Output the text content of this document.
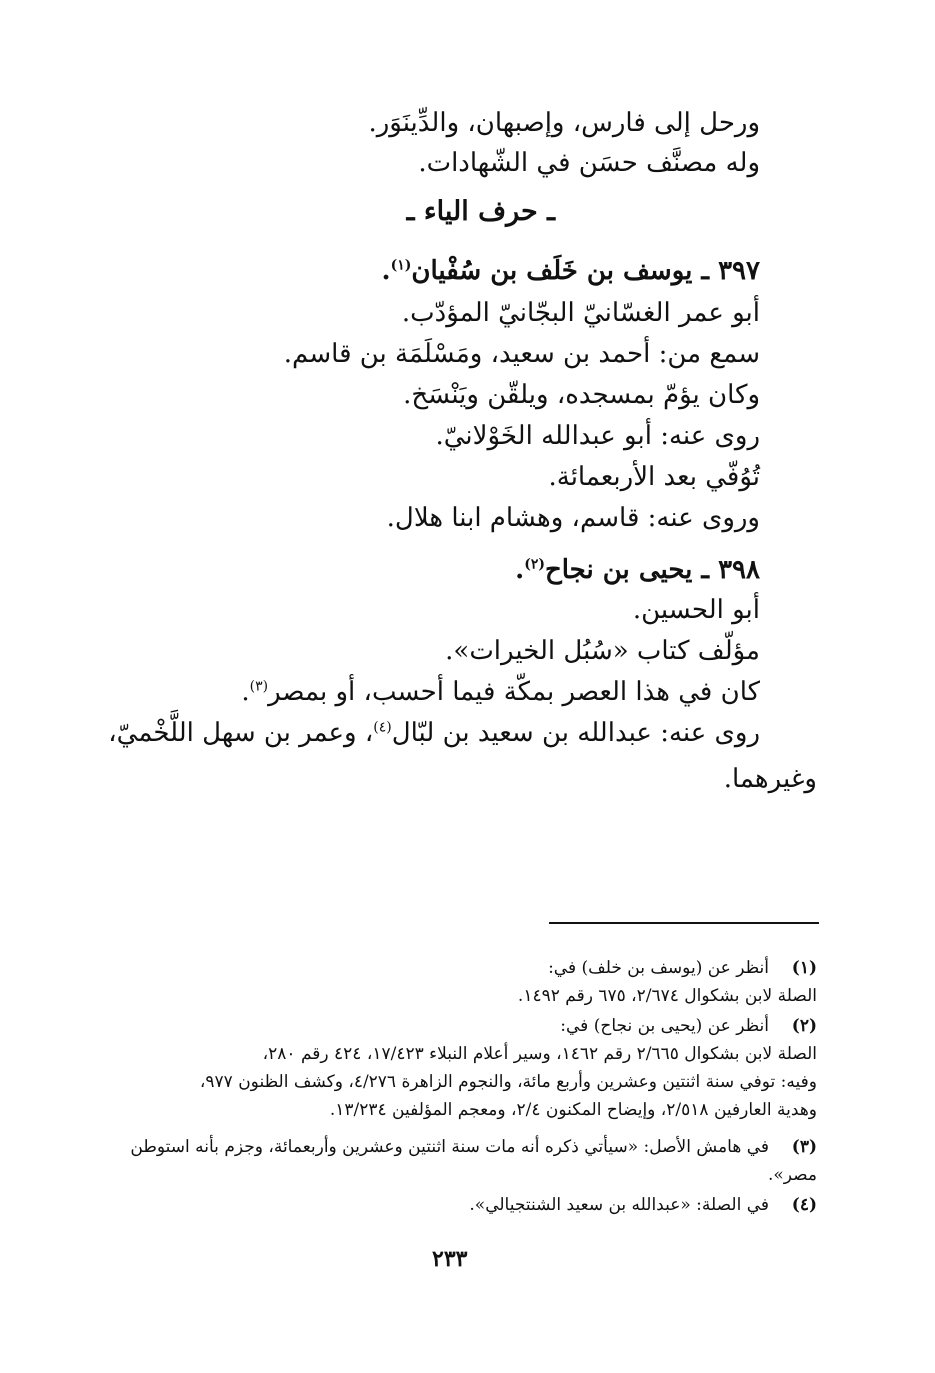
ورحل إلى فارس، وإصبهان، والدِّينَوَر.
وله مصنَّف حسَن في الشّهادات.
ـ حرف الياء ـ
٣٩٧ ـ يوسف بن خَلَف بن سُفْيان$^{(١)}$.
أبو عمر الغسّانيّ البجّانيّ المؤدّب.
سمع من: أحمد بن سعيد، ومَسْلَمَة بن قاسم.
وكان يؤمّ بمسجده، ويلقّن ويَنْسَخ.
روى عنه: أبو عبدالله الخَوْلانيّ.
تُوُفّي بعد الأربعمائة.
وروى عنه: قاسم، وهشام ابنا هلال.
٣٩٨ ـ يحيى بن نجاح$^{(٢)}$.
أبو الحسين.
مؤلّف كتاب «سُبُل الخيرات».
كان في هذا العصر بمكّة فيما أحسب، أو بمصر$^{(٣)}$.
روى عنه: عبدالله بن سعيد بن لبّال$^{(٤)}$، وعمر بن سهل اللَّخْميّ،
وغيرهما.
(١)
أنظر عن (يوسف بن خلف) في:
الصلة لابن بشكوال ٢/٦٧٤، ٦٧٥ رقم ١٤٩٢.
(٢)
أنظر عن (يحيى بن نجاح) في:
الصلة لابن بشكوال ٢/٦٦٥ رقم ١٤٦٢، وسير أعلام النبلاء ١٧/٤٢٣، ٤٢٤ رقم ٢٨٠،
وفيه: توفي سنة اثنتين وعشرين وأربع مائة، والنجوم الزاهرة ٤/٢٧٦، وكشف الظنون ٩٧٧،
وهدية العارفين ٢/٥١٨، وإيضاح المكنون ٢/٤، ومعجم المؤلفين ١٣/٢٣٤.
(٣)
في هامش الأصل: «سيأتي ذكره أنه مات سنة اثنتين وعشرين وأربعمائة، وجزم بأنه استوطن
مصر».
(٤)
في الصلة: «عبدالله بن سعيد الشنتجيالي».
٢٣٣
